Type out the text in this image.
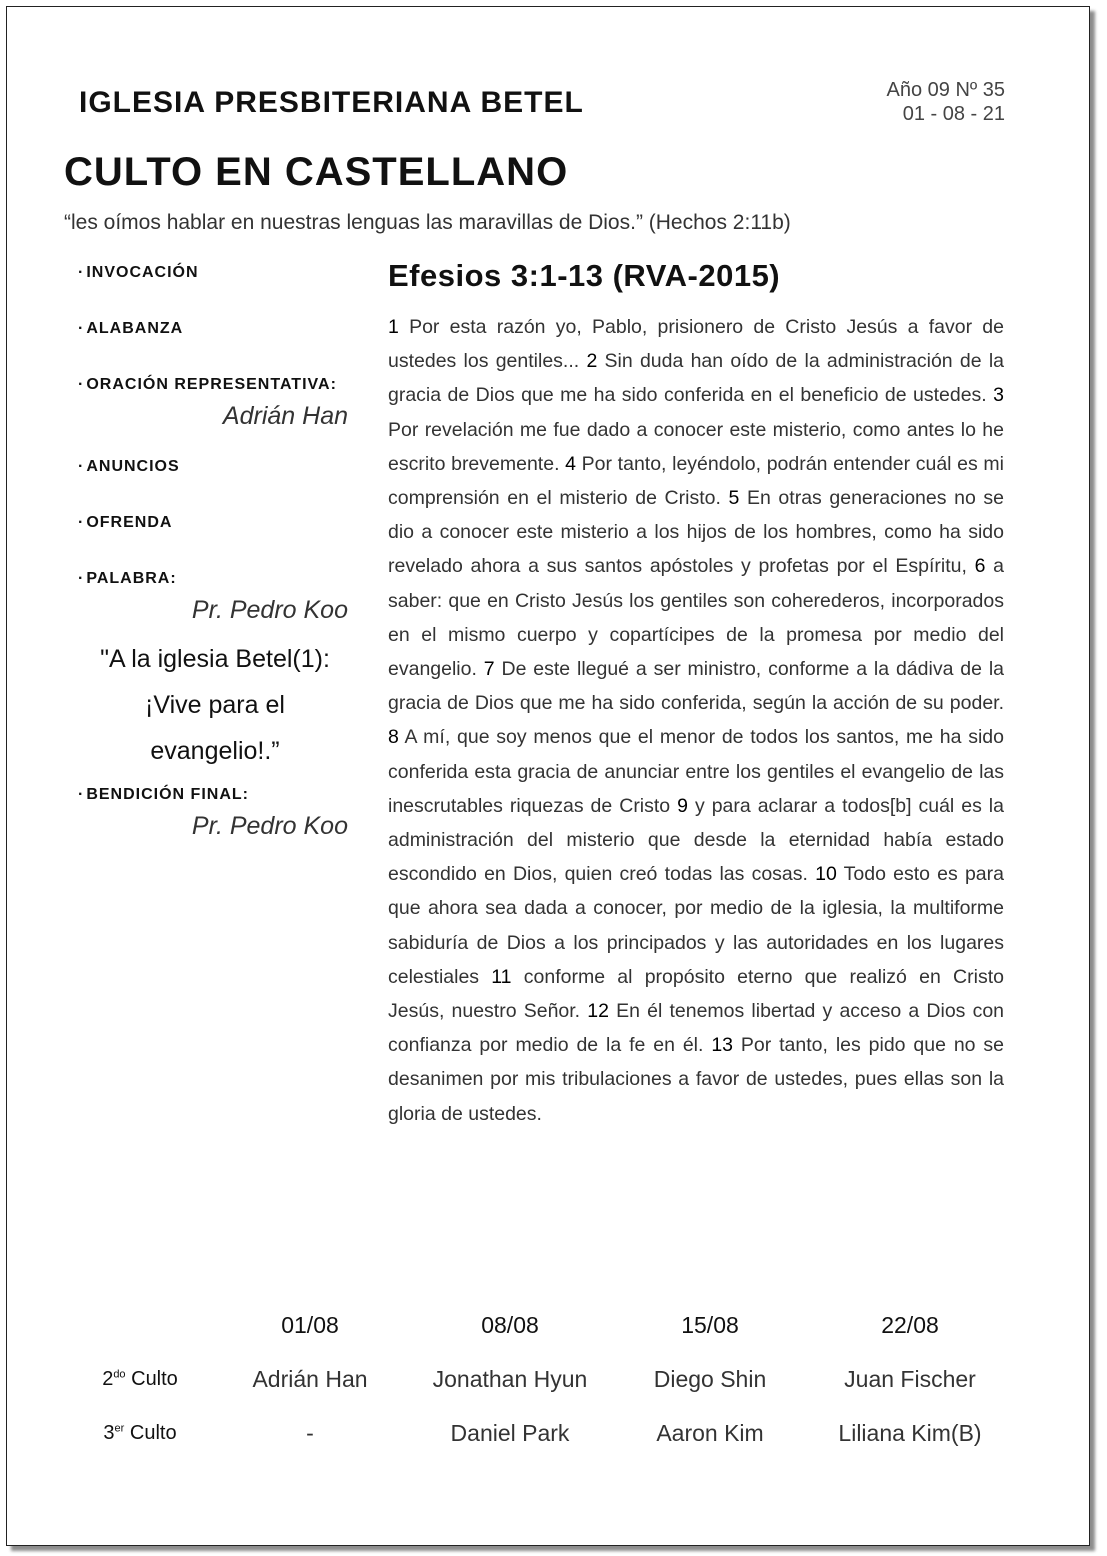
IGLESIA PRESBITERIANA BETEL	Año 09 Nº 35
01 - 08 - 21
CULTO EN CASTELLANO
“les oímos hablar en nuestras lenguas las maravillas de Dios.” (Hechos 2:11b)
· INVOCACIÓN
· ALABANZA
· ORACIÓN REPRESENTATIVA:
Adrián Han
· ANUNCIOS
· OFRENDA
· PALABRA:
Pr. Pedro Koo
"A la iglesia Betel(1):
¡Vive para el
evangelio!.”
· BENDICIÓN FINAL:
Pr. Pedro Koo
Efesios 3:1-13 (RVA-2015)
1 Por esta razón yo, Pablo, prisionero de Cristo Jesús a favor de ustedes los gentiles... 2 Sin duda han oído de la administración de la gracia de Dios que me ha sido conferida en el beneficio de ustedes. 3 Por revelación me fue dado a conocer este misterio, como antes lo he escrito brevemente. 4 Por tanto, leyéndolo, podrán entender cuál es mi comprensión en el misterio de Cristo. 5 En otras generaciones no se dio a conocer este misterio a los hijos de los hombres, como ha sido revelado ahora a sus santos apóstoles y profetas por el Espíritu, 6 a saber: que en Cristo Jesús los gentiles son coherederos, incorporados en el mismo cuerpo y copartícipes de la promesa por medio del evangelio. 7 De este llegué a ser ministro, conforme a la dádiva de la gracia de Dios que me ha sido conferida, según la acción de su poder. 8 A mí, que soy menos que el menor de todos los santos, me ha sido conferida esta gracia de anunciar entre los gentiles el evangelio de las inescrutables riquezas de Cristo 9 y para aclarar a todos[b] cuál es la administración del misterio que desde la eternidad había estado escondido en Dios, quien creó todas las cosas. 10 Todo esto es para que ahora sea dada a conocer, por medio de la iglesia, la multiforme sabiduría de Dios a los principados y las autoridades en los lugares celestiales 11 conforme al propósito eterno que realizó en Cristo Jesús, nuestro Señor. 12 En él tenemos libertad y acceso a Dios con confianza por medio de la fe en él. 13 Por tanto, les pido que no se desanimen por mis tribulaciones a favor de ustedes, pues ellas son la gloria de ustedes.
	01/08	08/08	15/08	22/08
$2^{do}$ Culto	Adrián Han	Jonathan Hyun	Diego Shin	Juan Fischer
3er Culto	-	Daniel Park	Aaron Kim	Liliana Kim(B)
